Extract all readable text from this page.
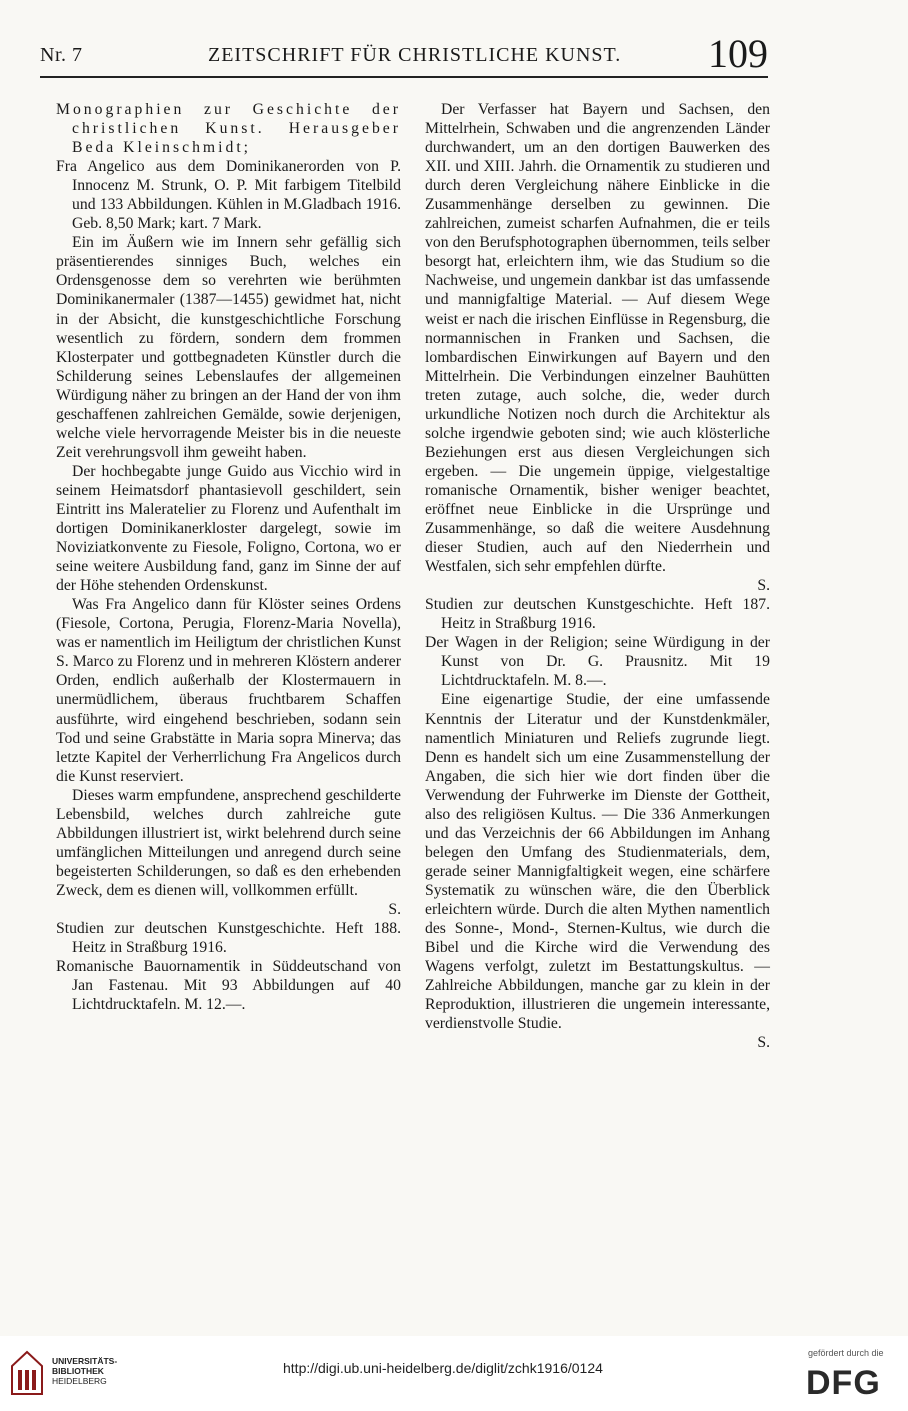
Nr. 7	ZEITSCHRIFT FÜR CHRISTLICHE KUNST. 109

Monographien zur Geschichte der christlichen Kunst. Herausgeber Beda Kleinschmidt;

Fra Angelico aus dem Dominikanerorden von P. Innocenz M. Strunk, O. P. Mit farbigem Titelbild und 133 Abbildungen. Kühlen in M.Gladbach 1916. Geb. 8,50 Mark; kart. 7 Mark.

Ein im Äußern wie im Innern sehr gefällig sich präsentierendes sinniges Buch, welches ein Ordensgenosse dem so verehrten wie berühmten Dominikanermaler (1387—1455) gewidmet hat, nicht in der Absicht, die kunstgeschichtliche Forschung wesentlich zu fördern, sondern dem frommen Klosterpater und gottbegnadeten Künstler durch die Schilderung seines Lebenslaufes der allgemeinen Würdigung näher zu bringen an der Hand der von ihm geschaffenen zahlreichen Gemälde, sowie derjenigen, welche viele hervorragende Meister bis in die neueste Zeit verehrungsvoll ihm geweiht haben.

Der hochbegabte junge Guido aus Vicchio wird in seinem Heimatsdorf phantasievoll geschildert, sein Eintritt ins Maleratelier zu Florenz und Aufenthalt im dortigen Dominikanerkloster dargelegt, sowie im Noviziatkonvente zu Fiesole, Foligno, Cortona, wo er seine weitere Ausbildung fand, ganz im Sinne der auf der Höhe stehenden Ordenskunst.

Was Fra Angelico dann für Klöster seines Ordens (Fiesole, Cortona, Perugia, Florenz-Maria Novella), was er namentlich im Heiligtum der christlichen Kunst S. Marco zu Florenz und in mehreren Klöstern anderer Orden, endlich außerhalb der Klostermauern in unermüdlichem, überaus fruchtbarem Schaffen ausführte, wird eingehend beschrieben, sodann sein Tod und seine Grabstätte in Maria sopra Minerva; das letzte Kapitel der Verherrlichung Fra Angelicos durch die Kunst reserviert.

Dieses warm empfundene, ansprechend geschilderte Lebensbild, welches durch zahlreiche gute Abbildungen illustriert ist, wirkt belehrend durch seine umfänglichen Mitteilungen und anregend durch seine begeisterten Schilderungen, so daß es den erhebenden Zweck, dem es dienen will, vollkommen erfüllt.

S.

Studien zur deutschen Kunstgeschichte. Heft 188. Heitz in Straßburg 1916.

Romanische Bauornamentik in Süddeutschand von Jan Fastenau. Mit 93 Abbildungen auf 40 Lichtdrucktafeln. M. 12.—.

Der Verfasser hat Bayern und Sachsen, den Mittelrhein, Schwaben und die angrenzenden Länder durchwandert, um an den dortigen Bauwerken des XII. und XIII. Jahrh. die Ornamentik zu studieren und durch deren Vergleichung nähere Einblicke in die Zusammenhänge derselben zu gewinnen. Die zahlreichen, zumeist scharfen Aufnahmen, die er teils von den Berufsphotographen übernommen, teils selber besorgt hat, erleichtern ihm, wie das Studium so die Nachweise, und ungemein dankbar ist das umfassende und mannigfaltige Material. — Auf diesem Wege weist er nach die irischen Einflüsse in Regensburg, die normannischen in Franken und Sachsen, die lombardischen Einwirkungen auf Bayern und den Mittelrhein. Die Verbindungen einzelner Bauhütten treten zutage, auch solche, die, weder durch urkundliche Notizen noch durch die Architektur als solche irgendwie geboten sind; wie auch klösterliche Beziehungen erst aus diesen Vergleichungen sich ergeben. — Die ungemein üppige, vielgestaltige romanische Ornamentik, bisher weniger beachtet, eröffnet neue Einblicke in die Ursprünge und Zusammenhänge, so daß die weitere Ausdehnung dieser Studien, auch auf den Niederrhein und Westfalen, sich sehr empfehlen dürfte.

S.

Studien zur deutschen Kunstgeschichte. Heft 187. Heitz in Straßburg 1916.

Der Wagen in der Religion; seine Würdigung in der Kunst von Dr. G. Prausnitz. Mit 19 Lichtdrucktafeln. M. 8.—.

Eine eigenartige Studie, der eine umfassende Kenntnis der Literatur und der Kunstdenkmäler, namentlich Miniaturen und Reliefs zugrunde liegt. Denn es handelt sich um eine Zusammenstellung der Angaben, die sich hier wie dort finden über die Verwendung der Fuhrwerke im Dienste der Gottheit, also des religiösen Kultus. — Die 336 Anmerkungen und das Verzeichnis der 66 Abbildungen im Anhang belegen den Umfang des Studienmaterials, dem, gerade seiner Mannigfaltigkeit wegen, eine schärfere Systematik zu wünschen wäre, die den Überblick erleichtern würde. Durch die alten Mythen namentlich des Sonne-, Mond-, Sternen-Kultus, wie durch die Bibel und die Kirche wird die Verwendung des Wagens verfolgt, zuletzt im Bestattungskultus. — Zahlreiche Abbildungen, manche gar zu klein in der Reproduktion, illustrieren die ungemein interessante, verdienstvolle Studie.

S.
UNIVERSITÄTS-
BIBLIOTHEK
HEIDELBERG
http://digi.ub.uni-heidelberg.de/diglit/zchk1916/0124
gefördert durch die
DFG
